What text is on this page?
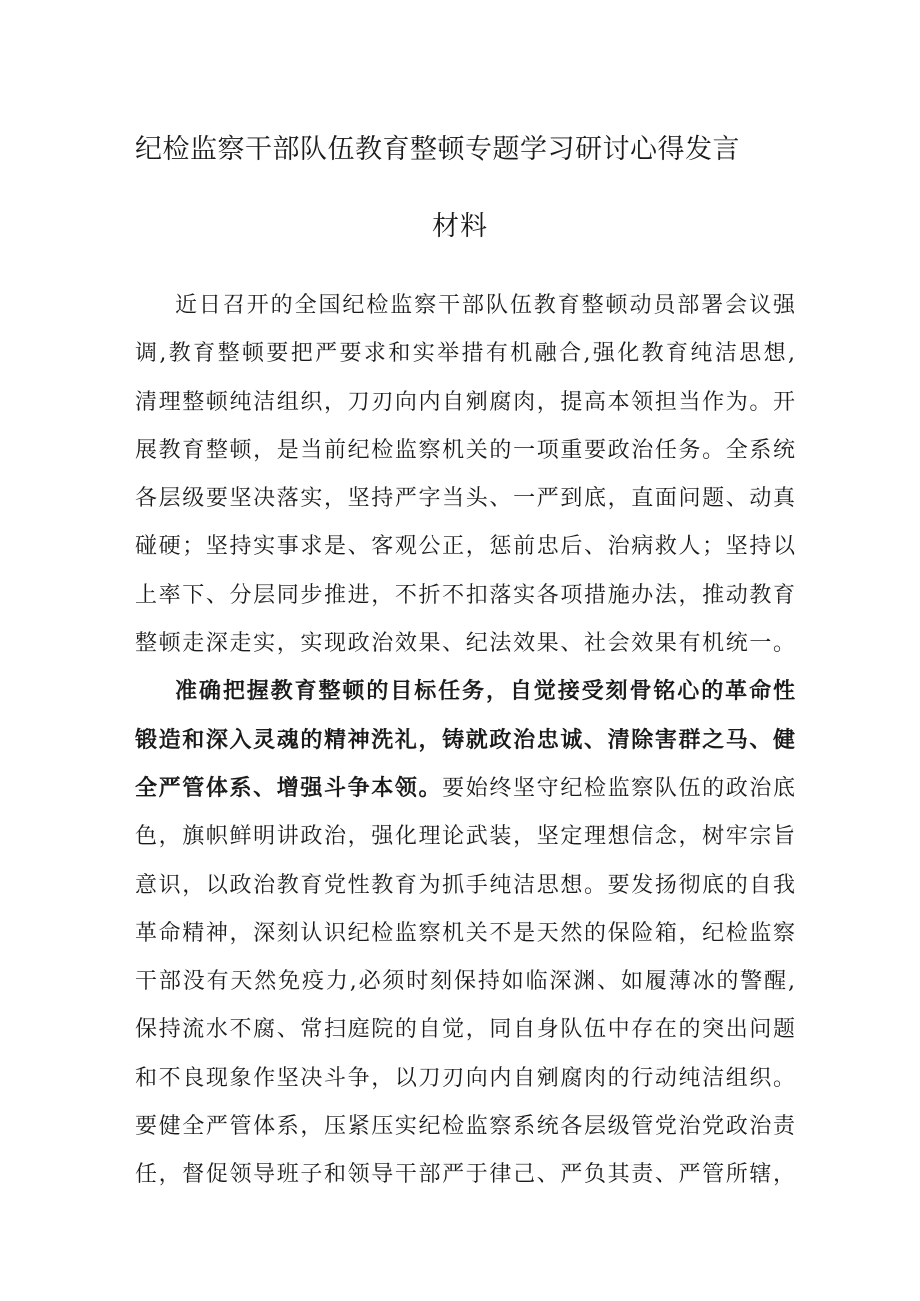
纪检监察干部队伍教育整顿专题学习研讨心得发言
材料
近日召开的全国纪检监察干部队伍教育整顿动员部署会议强
调,教育整顿要把严要求和实举措有机融合,强化教育纯洁思想,
清理整顿纯洁组织，刀刃向内自剜腐肉，提高本领担当作为。开
展教育整顿，是当前纪检监察机关的一项重要政治任务。全系统
各层级要坚决落实，坚持严字当头、一严到底，直面问题、动真
碰硬；坚持实事求是、客观公正，惩前忠后、治病救人；坚持以
上率下、分层同步推进，不折不扣落实各项措施办法，推动教育
整顿走深走实，实现政治效果、纪法效果、社会效果有机统一。
准确把握教育整顿的目标任务，自觉接受刻骨铭心的革命性
锻造和深入灵魂的精神洗礼，铸就政治忠诚、清除害群之马、健
全严管体系、增强斗争本领。要始终坚守纪检监察队伍的政治底
色，旗帜鲜明讲政治，强化理论武装，坚定理想信念，树牢宗旨
意识，以政治教育党性教育为抓手纯洁思想。要发扬彻底的自我
革命精神，深刻认识纪检监察机关不是天然的保险箱，纪检监察
干部没有天然免疫力,必须时刻保持如临深渊、如履薄冰的警醒,
保持流水不腐、常扫庭院的自觉，同自身队伍中存在的突出问题
和不良现象作坚决斗争，以刀刃向内自剜腐肉的行动纯洁组织。
要健全严管体系，压紧压实纪检监察系统各层级管党治党政治责
任，督促领导班子和领导干部严于律己、严负其责、严管所辖，
